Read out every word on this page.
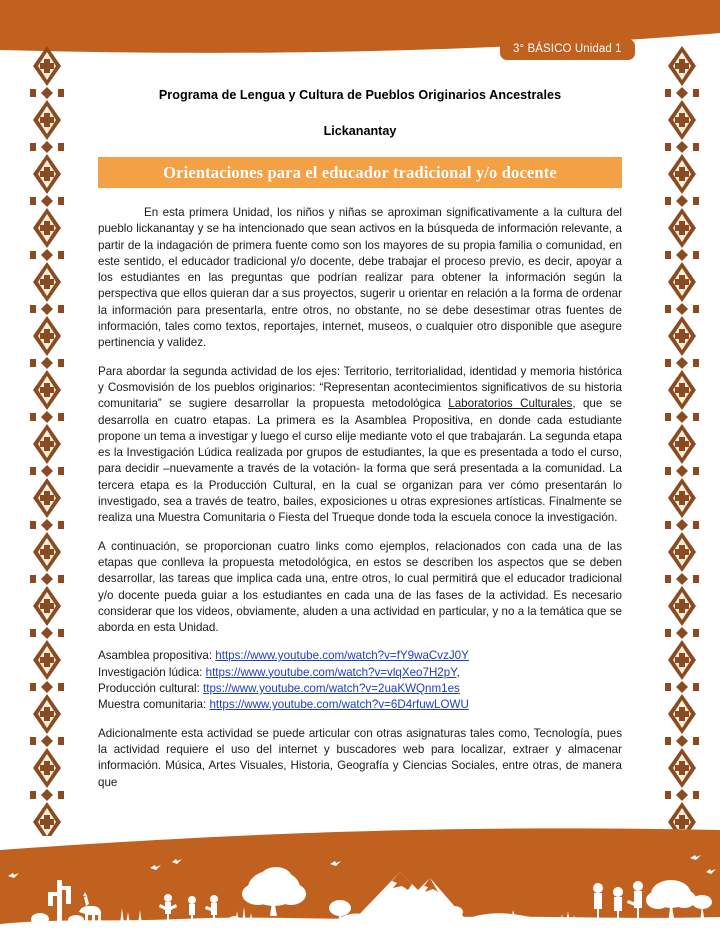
3° BÁSICO Unidad 1
Programa de Lengua y Cultura de Pueblos Originarios Ancestrales
Lickanantay
Orientaciones para el educador tradicional y/o docente

En esta primera Unidad, los niños y niñas se aproximan significativamente a la cultura del pueblo lickanantay y se ha intencionado que sean activos en la búsqueda de información relevante, a partir de la indagación de primera fuente como son los mayores de su propia familia o comunidad, en este sentido, el educador tradicional y/o docente, debe trabajar el proceso previo, es decir, apoyar a los estudiantes en las preguntas que podrían realizar para obtener la información según la perspectiva que ellos quieran dar a sus proyectos, sugerir u orientar en relación a la forma de ordenar la información para presentarla, entre otros, no obstante, no se debe desestimar otras fuentes de información, tales como textos, reportajes, internet, museos, o cualquier otro disponible que asegure pertinencia y validez.

Para abordar la segunda actividad de los ejes: Territorio, territorialidad, identidad y memoria histórica y Cosmovisión de los pueblos originarios: “Representan acontecimientos significativos de su historia comunitaria” se sugiere desarrollar la propuesta metodológica Laboratorios Culturales, que se desarrolla en cuatro etapas. La primera es la Asamblea Propositiva, en donde cada estudiante propone un tema a investigar y luego el curso elije mediante voto el que trabajarán. La segunda etapa es la Investigación Lúdica realizada por grupos de estudiantes, la que es presentada a todo el curso, para decidir –nuevamente a través de la votación- la forma que será presentada a la comunidad. La tercera etapa es la Producción Cultural, en la cual se organizan para ver cómo presentarán lo investigado, sea a través de teatro, bailes, exposiciones u otras expresiones artísticas. Finalmente se realiza una Muestra Comunitaria o Fiesta del Trueque donde toda la escuela conoce la investigación.

A continuación, se proporcionan cuatro links como ejemplos, relacionados con cada una de las etapas que conlleva la propuesta metodológica, en estos se describen los aspectos que se deben desarrollar, las tareas que implica cada una, entre otros, lo cual permitirá que el educador tradicional y/o docente pueda guiar a los estudiantes en cada una de las fases de la actividad. Es necesario considerar que los videos, obviamente, aluden a una actividad en particular, y no a la temática que se aborda en esta Unidad.

Asamblea propositiva: https://www.youtube.com/watch?v=fY9waCvzJ0Y
Investigación lúdica: https://www.youtube.com/watch?v=vlqXeo7H2pY,
Producción cultural: ttps://www.youtube.com/watch?v=2uaKWQnm1es
Muestra comunitaria: https://www.youtube.com/watch?v=6D4rfuwLOWU

Adicionalmente esta actividad se puede articular con otras asignaturas tales como, Tecnología, pues la actividad requiere el uso del internet y buscadores web para localizar, extraer y almacenar información. Música, Artes Visuales, Historia, Geografía y Ciencias Sociales, entre otras, de manera que
